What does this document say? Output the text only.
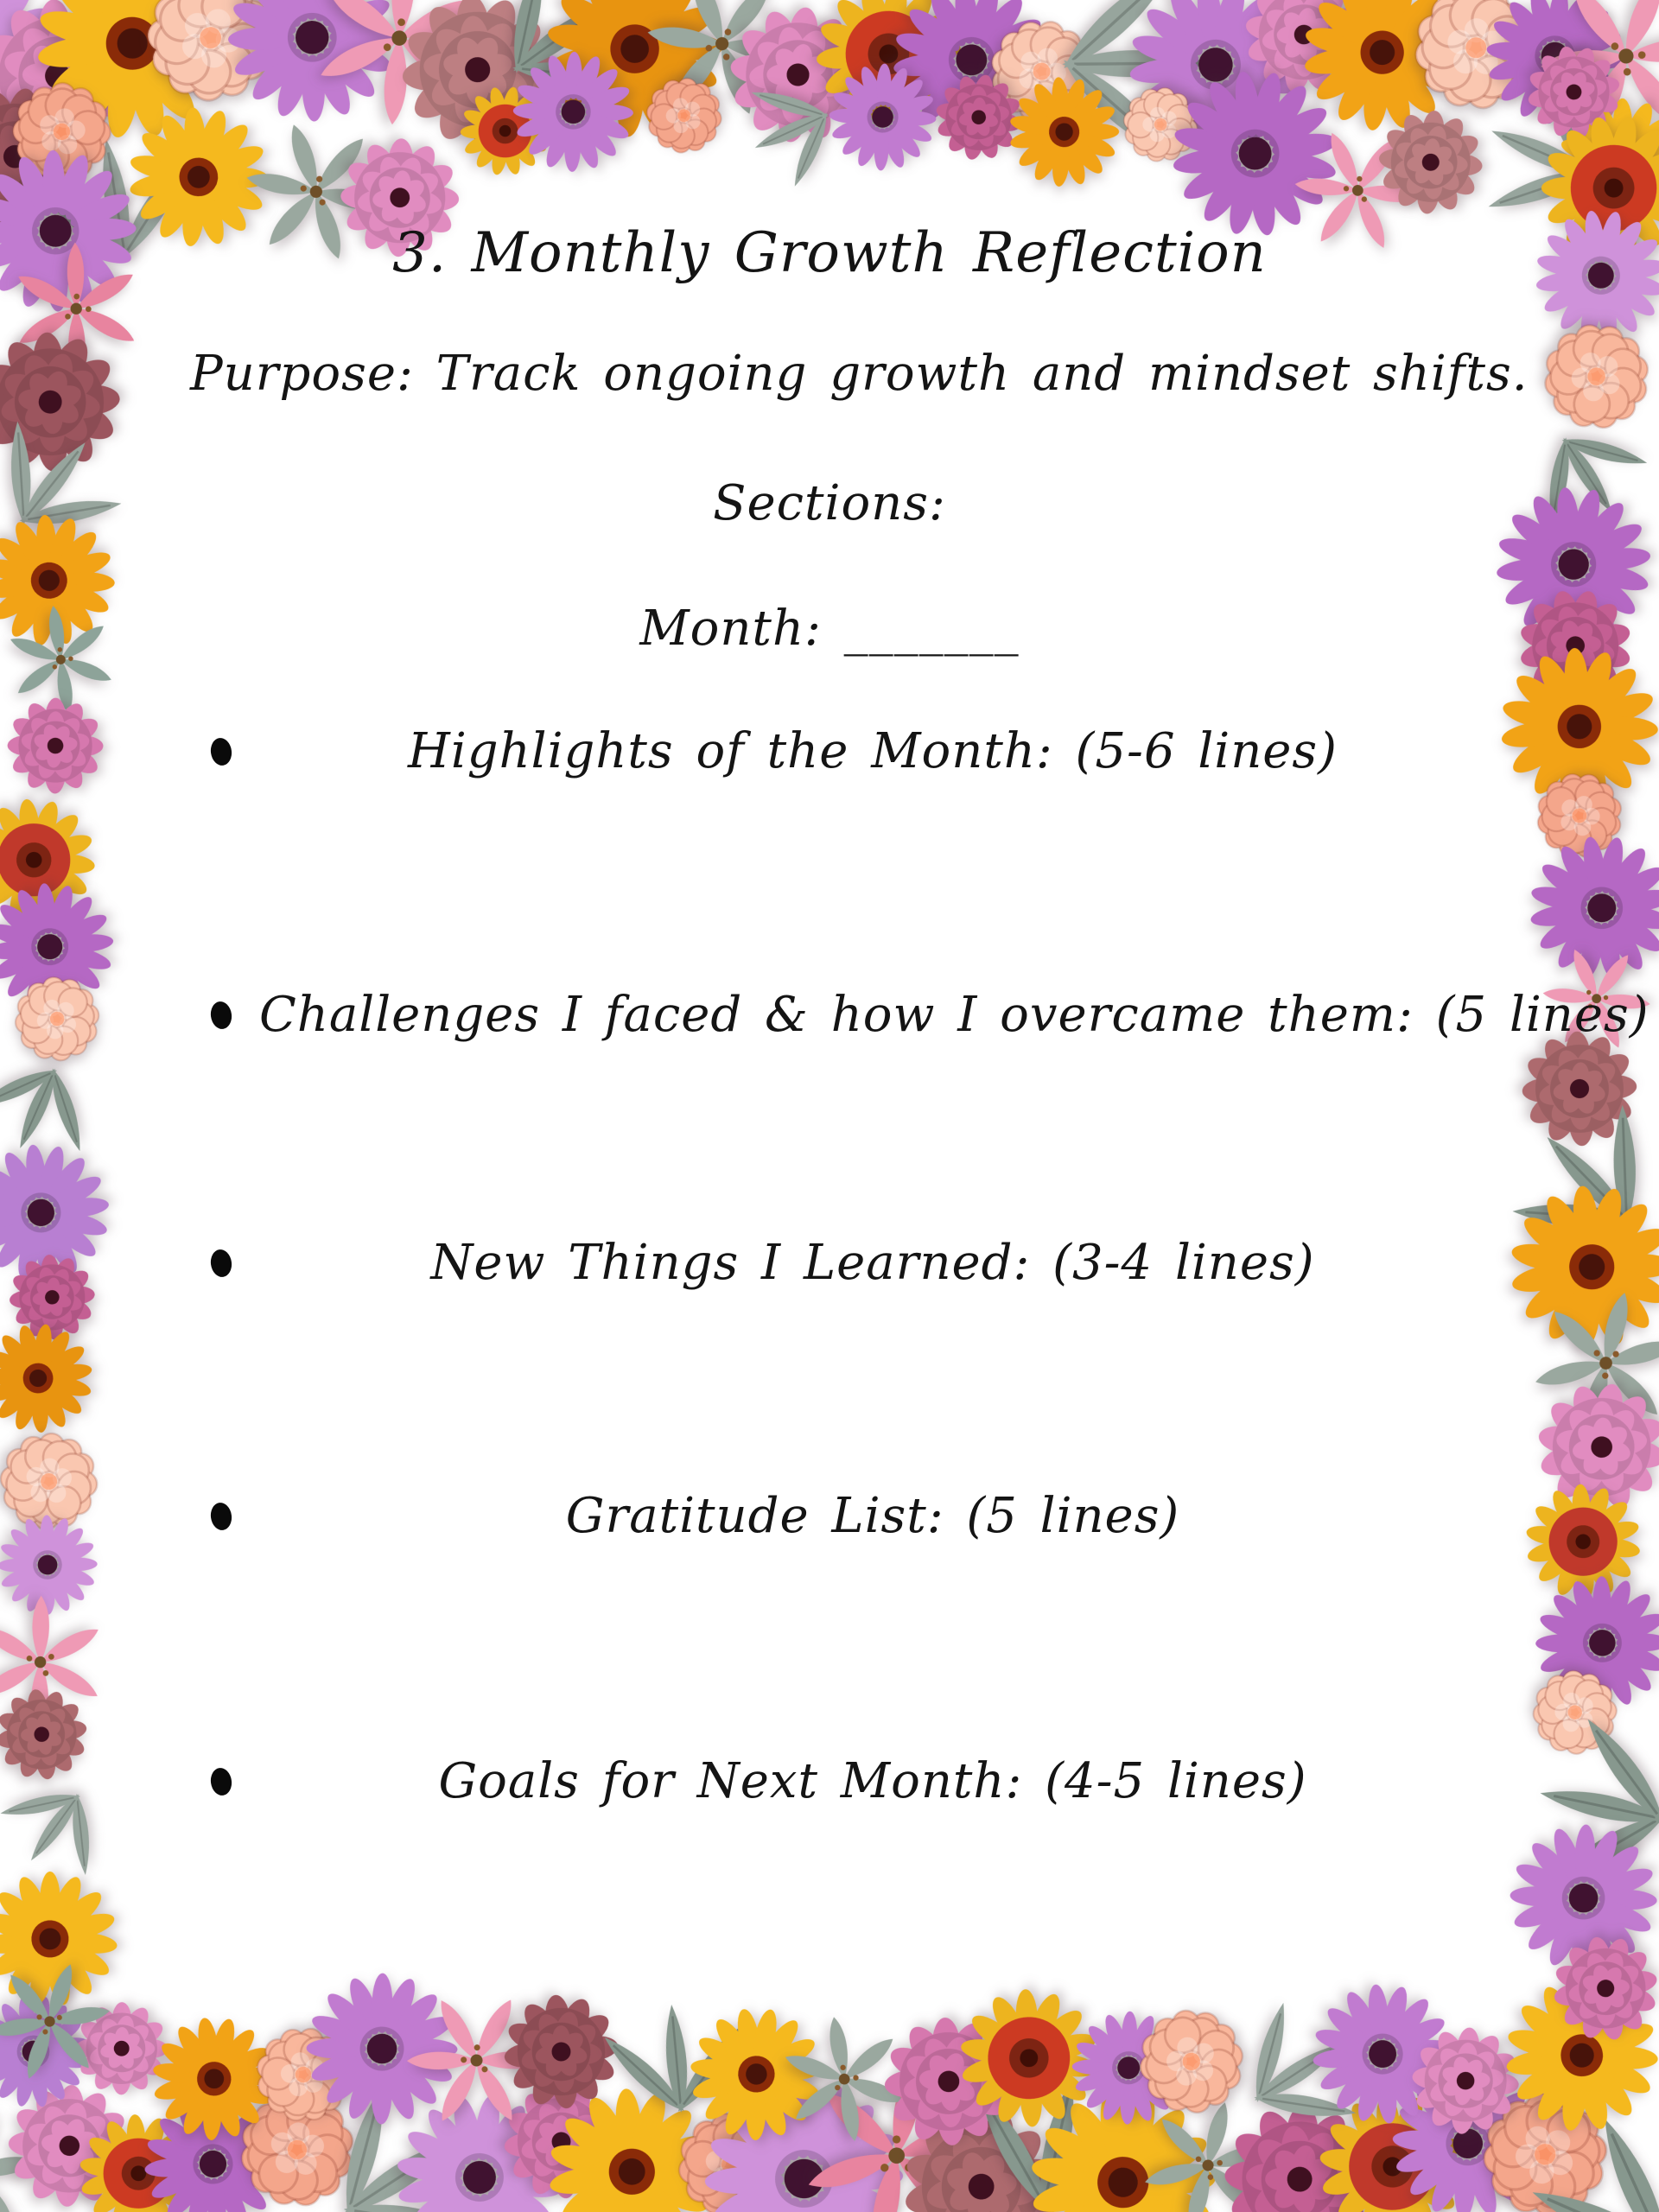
3. Monthly Growth Reflection
Purpose: Track ongoing growth and mindset shifts.
Sections:
Month: _______
Highlights of the Month: (5-6 lines)
Challenges I faced & how I overcame them: (5 lines)
New Things I Learned: (3-4 lines)
Gratitude List: (5 lines)
Goals for Next Month: (4-5 lines)
